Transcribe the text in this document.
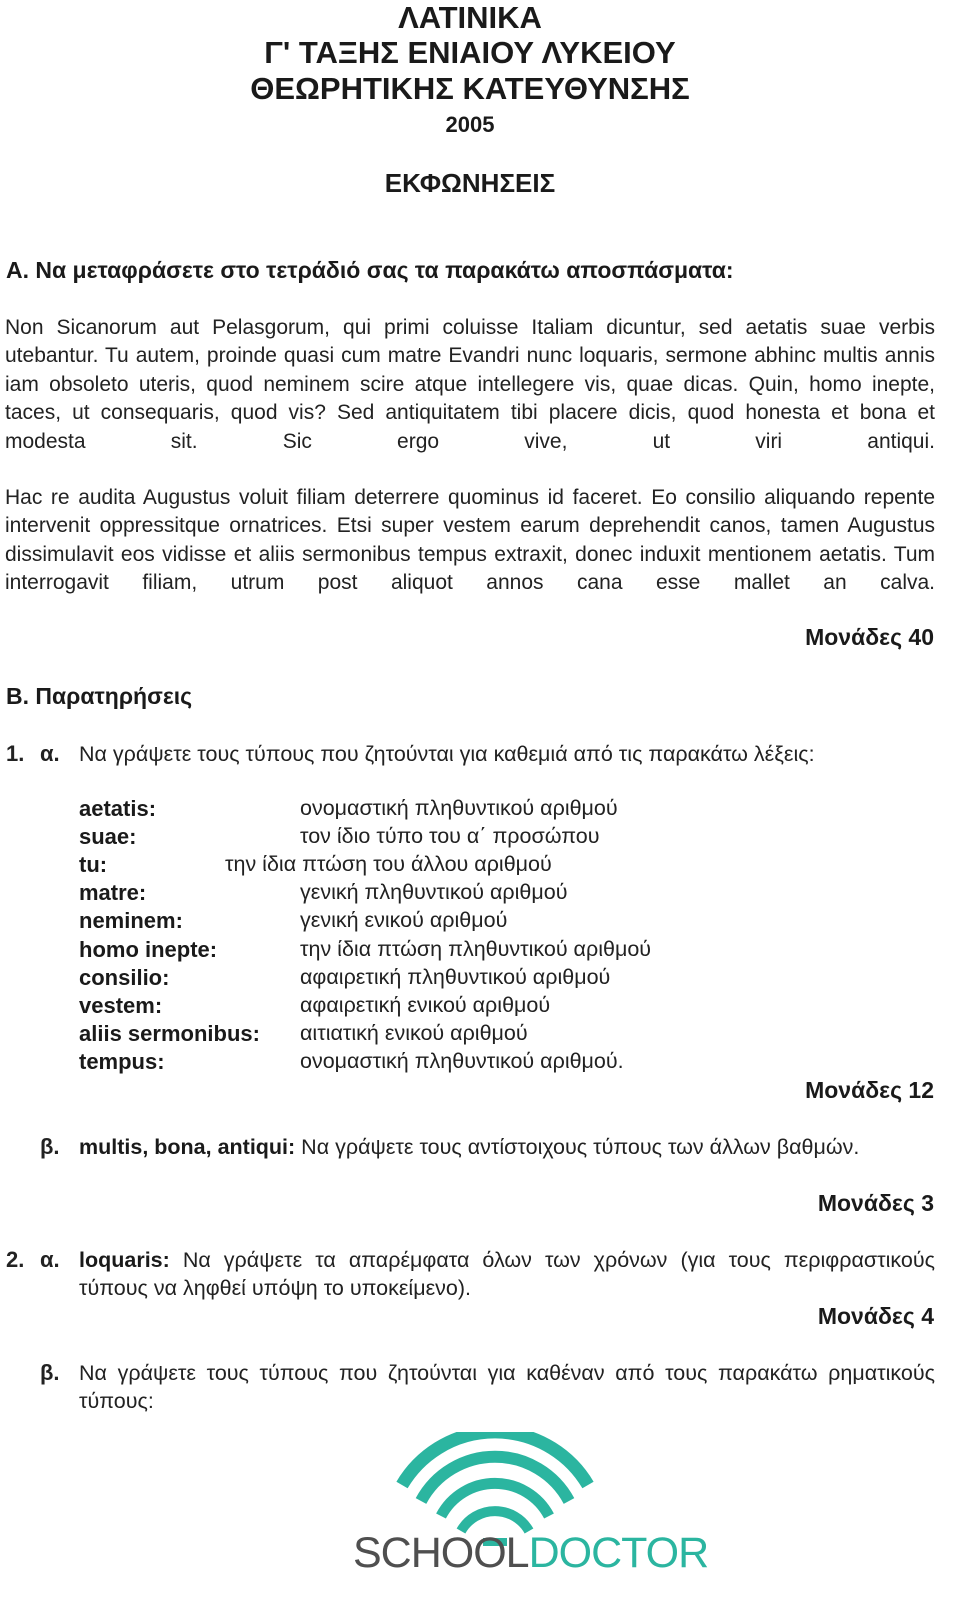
ΛΑΤΙΝΙΚΑ
Γ' ΤΑΞΗΣ ΕΝΙΑΙΟΥ ΛΥΚΕΙΟΥ
ΘΕΩΡΗΤΙΚΗΣ ΚΑΤΕΥΘΥΝΣΗΣ
2005
ΕΚΦΩΝΗΣΕΙΣ
Α. Να μεταφράσετε στο τετράδιό σας τα παρακάτω αποσπάσματα:
Non Sicanorum aut Pelasgorum, qui primi coluisse Italiam dicuntur, sed aetatis suae verbis utebantur. Tu autem, proinde quasi cum matre Evandri nunc loquaris, sermone abhinc multis annis iam obsoleto uteris, quod neminem scire atque intellegere vis, quae dicas. Quin, homo inepte, taces, ut consequaris, quod vis? Sed antiquitatem tibi placere dicis, quod honesta et bona et modesta sit. Sic ergo vive, ut viri antiqui.
Hac re audita Augustus voluit filiam deterrere quominus id faceret. Eo consilio aliquando repente intervenit oppressitque ornatrices. Etsi super vestem earum deprehendit canos, tamen Augustus dissimulavit eos vidisse et aliis sermonibus tempus extraxit, donec induxit mentionem aetatis. Tum interrogavit filiam, utrum post aliquot annos cana esse mallet an calva.
Μονάδες 40
Β. Παρατηρήσεις
1. α. Να γράψετε τους τύπους που ζητούνται για καθεμιά από τις παρακάτω λέξεις:
aetatis:	ονομαστική πληθυντικού αριθμού
suae:	τον ίδιο τύπο του α΄ προσώπου
tu:	την ίδια πτώση του άλλου αριθμού
matre:	γενική πληθυντικού αριθμού
neminem:	γενική ενικού αριθμού
homo inepte:	την ίδια πτώση πληθυντικού αριθμού
consilio:	αφαιρετική πληθυντικού αριθμού
vestem:	αφαιρετική ενικού αριθμού
aliis sermonibus: αιτιατική ενικού αριθμού
tempus:	ονομαστική πληθυντικού αριθμού.
Μονάδες 12
β. multis, bona, antiqui: Να γράψετε τους αντίστοιχους τύπους των άλλων βαθμών.
Μονάδες 3
2. α. loquaris: Να γράψετε τα απαρέμφατα όλων των χρόνων (για τους περιφραστικούς τύπους να ληφθεί υπόψη το υποκείμενο).
Μονάδες 4
β. Να γράψετε τους τύπους που ζητούνται για καθέναν από τους παρακάτω ρηματικούς τύπους:
SCHOOLDOCTOR
